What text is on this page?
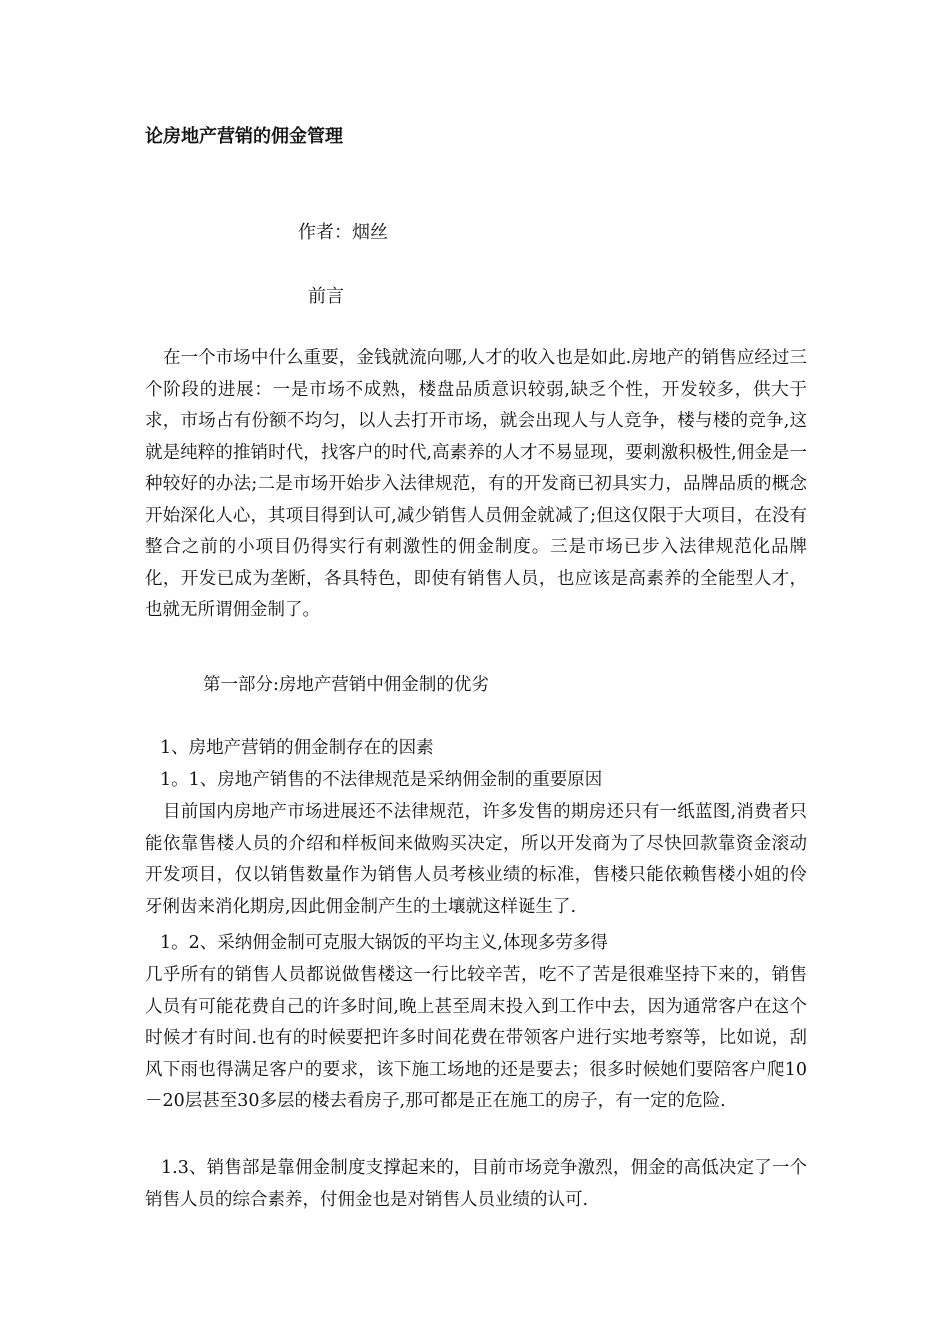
论房地产营销的佣金管理
作者：烟丝
前言

在一个市场中什么重要，金钱就流向哪,人才的收入也是如此.房地产的销售应经过三个阶段的进展：一是市场不成熟，楼盘品质意识较弱,缺乏个性，开发较多，供大于求，市场占有份额不均匀，以人去打开市场，就会出现人与人竞争，楼与楼的竞争,这就是纯粹的推销时代，找客户的时代,高素养的人才不易显现，要刺激积极性,佣金是一种较好的办法;二是市场开始步入法律规范，有的开发商已初具实力，品牌品质的概念开始深化人心，其项目得到认可,减少销售人员佣金就减了;但这仅限于大项目，在没有整合之前的小项目仍得实行有刺激性的佣金制度。三是市场已步入法律规范化品牌化，开发已成为垄断，各具特色，即使有销售人员，也应该是高素养的全能型人才，也就无所谓佣金制了。

第一部分:房地产营销中佣金制的优劣
1、房地产营销的佣金制存在的因素
1。1、房地产销售的不法律规范是采纳佣金制的重要原因

目前国内房地产市场进展还不法律规范，许多发售的期房还只有一纸蓝图,消费者只能依靠售楼人员的介绍和样板间来做购买决定，所以开发商为了尽快回款靠资金滚动开发项目，仅以销售数量作为销售人员考核业绩的标准，售楼只能依赖售楼小姐的伶牙俐齿来消化期房,因此佣金制产生的土壤就这样诞生了.

1。2、采纳佣金制可克服大锅饭的平均主义,体现多劳多得

几乎所有的销售人员都说做售楼这一行比较辛苦，吃不了苦是很难坚持下来的，销售人员有可能花费自己的许多时间,晚上甚至周末投入到工作中去，因为通常客户在这个时候才有时间.也有的时候要把许多时间花费在带领客户进行实地考察等，比如说，刮风下雨也得满足客户的要求，该下施工场地的还是要去；很多时候她们要陪客户爬10－20层甚至30多层的楼去看房子,那可都是正在施工的房子，有一定的危险.

1.3、销售部是靠佣金制度支撑起来的，目前市场竞争激烈，佣金的高低决定了一个销售人员的综合素养，付佣金也是对销售人员业绩的认可.
